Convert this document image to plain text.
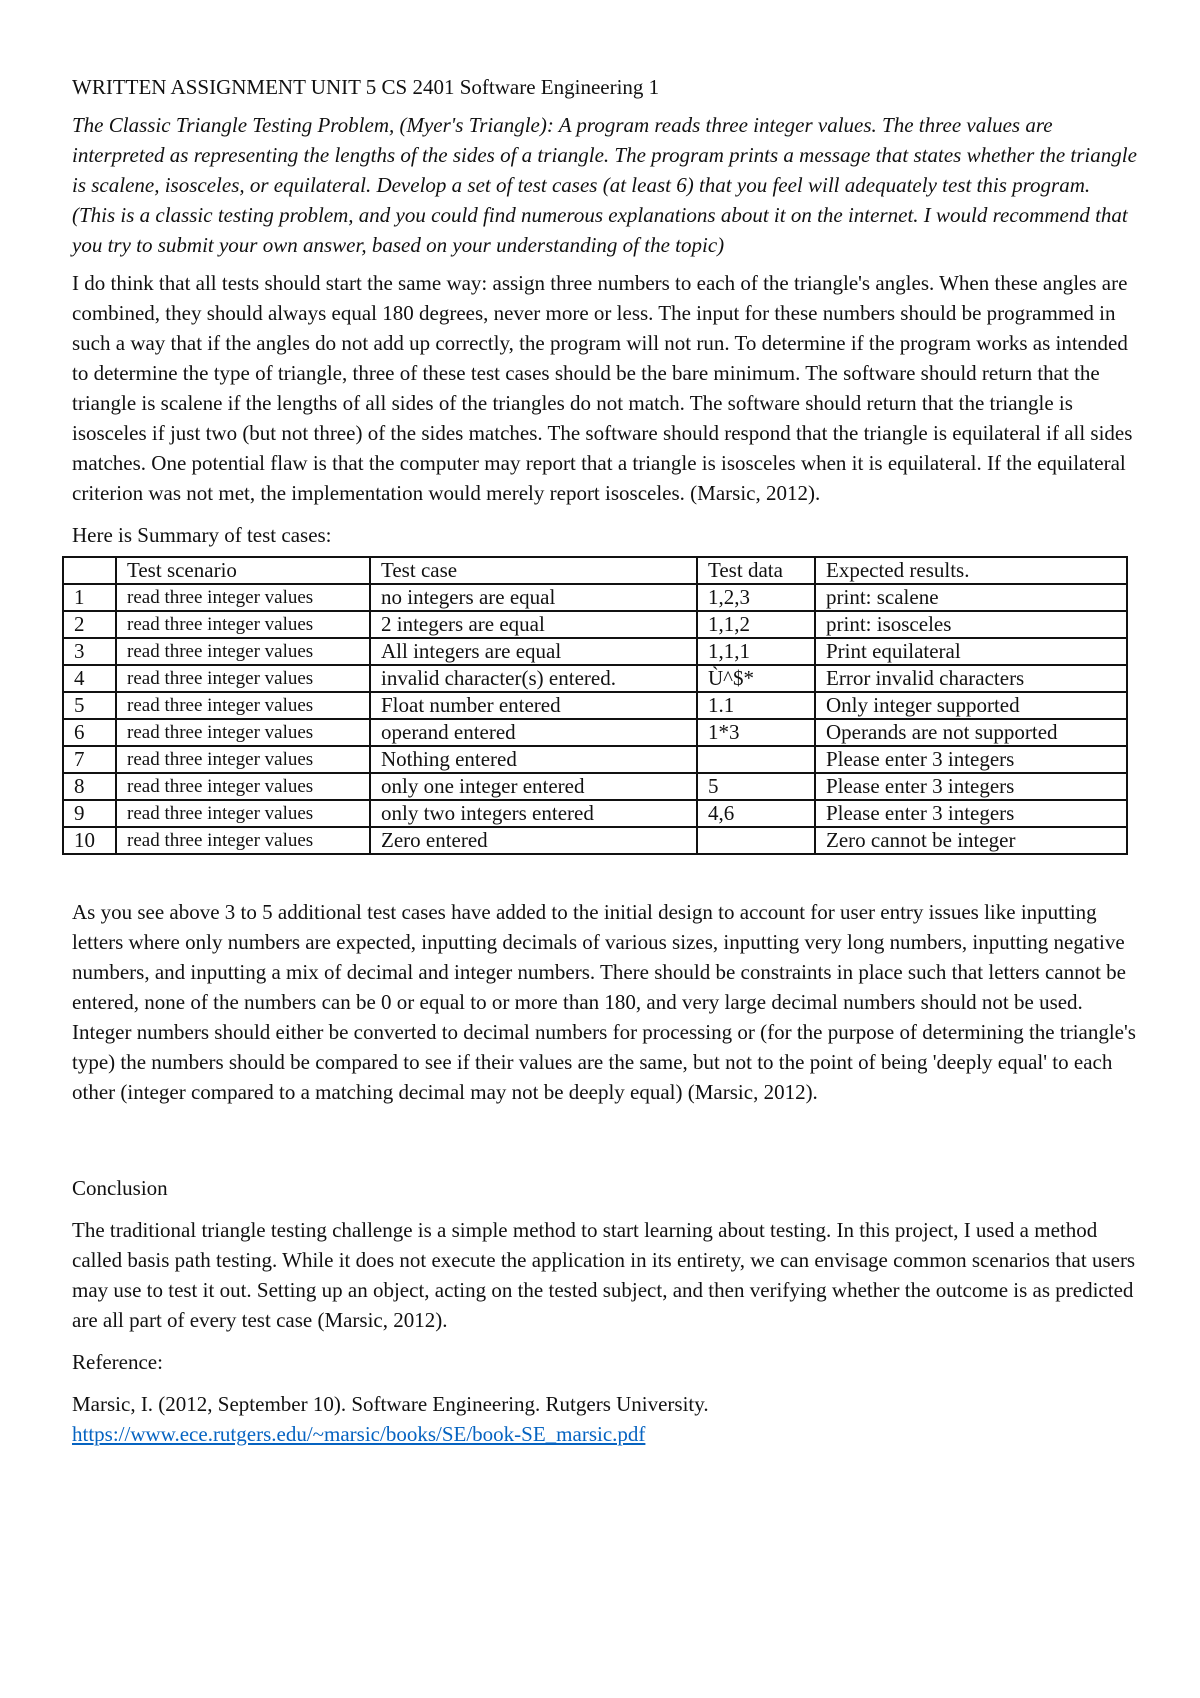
WRITTEN ASSIGNMENT UNIT 5 CS 2401 Software Engineering 1
The Classic Triangle Testing Problem, (Myer's Triangle): A program reads three integer values. The three values are interpreted as representing the lengths of the sides of a triangle. The program prints a message that states whether the triangle is scalene, isosceles, or equilateral. Develop a set of test cases (at least 6) that you feel will adequately test this program. (This is a classic testing problem, and you could find numerous explanations about it on the internet. I would recommend that you try to submit your own answer, based on your understanding of the topic)
I do think that all tests should start the same way: assign three numbers to each of the triangle's angles. When these angles are combined, they should always equal 180 degrees, never more or less. The input for these numbers should be programmed in such a way that if the angles do not add up correctly, the program will not run. To determine if the program works as intended to determine the type of triangle, three of these test cases should be the bare minimum. The software should return that the triangle is scalene if the lengths of all sides of the triangles do not match. The software should return that the triangle is isosceles if just two (but not three) of the sides matches. The software should respond that the triangle is equilateral if all sides matches. One potential flaw is that the computer may report that a triangle is isosceles when it is equilateral. If the equilateral criterion was not met, the implementation would merely report isosceles. (Marsic, 2012).
Here is Summary of test cases:
	Test scenario	Test case	Test data	Expected results.
1	read three integer values	no integers are equal	1,2,3	print: scalene
2	read three integer values	2 integers are equal	1,1,2	print: isosceles
3	read three integer values	All integers are equal	1,1,1	Print equilateral
4	read three integer values	invalid character(s) entered.	Ù^$*	Error invalid characters
5	read three integer values	Float number entered	1.1	Only integer supported
6	read three integer values	operand entered	1*3	Operands are not supported
7	read three integer values	Nothing entered		Please enter 3 integers
8	read three integer values	only one integer entered	5	Please enter 3 integers
9	read three integer values	only two integers entered	4,6	Please enter 3 integers
10	read three integer values	Zero entered		Zero cannot be integer
As you see above 3 to 5 additional test cases have added to the initial design to account for user entry issues like inputting letters where only numbers are expected, inputting decimals of various sizes, inputting very long numbers, inputting negative numbers, and inputting a mix of decimal and integer numbers. There should be constraints in place such that letters cannot be entered, none of the numbers can be 0 or equal to or more than 180, and very large decimal numbers should not be used. Integer numbers should either be converted to decimal numbers for processing or (for the purpose of determining the triangle's type) the numbers should be compared to see if their values are the same, but not to the point of being 'deeply equal' to each other (integer compared to a matching decimal may not be deeply equal) (Marsic, 2012).
Conclusion
The traditional triangle testing challenge is a simple method to start learning about testing. In this project, I used a method called basis path testing. While it does not execute the application in its entirety, we can envisage common scenarios that users may use to test it out. Setting up an object, acting on the tested subject, and then verifying whether the outcome is as predicted are all part of every test case (Marsic, 2012).
Reference:
Marsic, I. (2012, September 10). Software Engineering. Rutgers University.
https://www.ece.rutgers.edu/~marsic/books/SE/book-SE_marsic.pdf
